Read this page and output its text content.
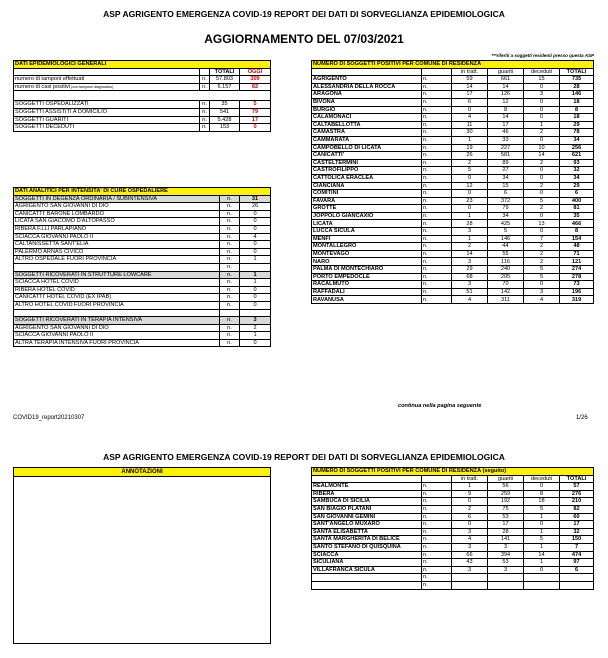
ASP AGRIGENTO EMERGENZA COVID-19 REPORT DEI DATI DI SORVEGLIANZA EPIDEMIOLOGICA
AGGIORNAMENTO DEL 07/03/2021
***riferiti a soggetti residenti presso questa ASP
DATI EPIDEMIOLOGICI GENERALI			
		TOTALI	OGGI
numero di tamponi effettuati	n.	57.803	309
numero di casi positivi (con tampone diagnostico)	n.	6.157	82

SOGGETTI OSPEDALIZZATI	n.	35	5
SOGGETTI ASSISTITI A DOMICILIO	n.	541	79
SOGGETTI GUARITI	n.	5.428	17
SOGGETTI DECEDUTI	n.	153	0
DATI ANALITICI PER INTENSITA' DI CURE OSPEDALIERE		
SOGGETTI IN DEGENZA ORDINARIA / SUBINTENSIVA	n.	31
AGRIGENTO SAN GIOVANNI DI DIO	n.	26
CANICATTI' BARONE LOMBARDO	n.	0
LICATA SAN GIACOMO D'ALTOPASSO	n.	0
RIBERA F.LLI PARLAPIANO	n.	0
SCIACCA GIOVANNI PAOLO II	n.	4
CALTANISSETTA SANT'ELIA	n.	0
PALERMO ARNAS CIVICO	n.	0
ALTRO OSPEDALE FUORI PROVINCIA	n.	1
	n.	
SOGGETTI RICOVERATI IN STRUTTURE LOWCARE	n.	1
SCIACCA HOTEL COVID	n.	1
RIBERA HOTEL COVID	n.	0
CANICATTI' HOTEL COVID (EX IPAB)	n.	0
ALTRO HOTEL COVID FUORI PROVINCIA	n.	0

SOGGETTI RICOVERATI IN TERAPIA INTENSIVA	n.	3
AGRIGENTO SAN GIOVANNI DI DIO	n.	2
SCIACCA GIOVANNI PAOLO II	n.	1
ALTRA TERAPIA INTENSIVA FUORI PROVINCIA	n.	0
NUMERO DI SOGGETTI POSITIVI PER COMUNE DI RESIDENZA					
		in tratt.	guariti	deceduti	TOTALI
AGRIGENTO	n.	59	661	15	735
ALESSANDRIA DELLA ROCCA	n.	14	14	0	28
ARAGONA	n.	17	126	3	146
BIVONA	n.	6	12	0	18
BURGIO	n.	0	8	0	8
CALAMONACI	n.	4	14	0	18
CALTABELLOTTA	n.	11	17	1	29
CAMASTRA	n.	30	46	2	78
CAMMARATA	n.	1	33	0	34
CAMPOBELLO DI LICATA	n.	19	227	10	256
CANICATTI'	n.	26	581	14	621
CASTELTERMINI	n.	2	89	2	93
CASTROFILIPPO	n.	5	27	0	32
CATTOLICA ERACLEA	n.	0	34	0	34
CIANCIANA	n.	12	15	2	29
COMITINI	n.	0	6	0	6
FAVARA	n.	23	372	5	400
GROTTE	n.	0	79	2	81
JOPPOLO GIANCAXIO	n.	1	34	0	35
LICATA	n.	28	425	13	466
LUCCA SICULA	n.	3	5	0	8
MENFI	n.	1	146	7	154
MONTALLEGRO	n.	2	44	2	48
MONTEVAGO	n.	14	55	2	71
NARO	n.	3	116	2	121
PALMA DI MONTECHIARO	n.	29	240	5	274
PORTO EMPEDOCLE	n.	68	205	5	278
RACALMUTO	n.	3	70	0	73
RAFFADALI	n.	51	142	3	196
RAVANUSA	n.	4	311	4	319
continua nella pagina seguente
COVID19_report20210307	1/26
ASP AGRIGENTO EMERGENZA COVID-19 REPORT DEI DATI DI SORVEGLIANZA EPIDEMIOLOGICA
ANNOTAZIONI	NUMERO DI SOGGETTI POSITIVI PER COMUNE DI RESIDENZA (seguito)					
		in tratt.	guariti	deceduti	TOTALI
REALMONTE	n.	1	56	0	57
RIBERA	n.	9	259	8	276
SAMBUCA DI SICILIA	n.	0	192	18	210
SAN BIAGIO PLATANI	n.	2	75	5	82
SAN GIOVANNI GEMINI	n.	6	53	1	60
SANT'ANGELO MUXARO	n.	0	17	0	17
SANTA ELISABETTA	n.	3	28	1	32
SANTA MARGHERITA DI BELICE	n.	4	141	5	150
SANTO STEFANO DI QUISQUINA	n.	3	3	1	7
SCIACCA	n.	66	394	14	474
SICULIANA	n.	43	53	1	97
VILLAFRANCA SICULA	n.	3	3	0	6
	n.				
	n.				
